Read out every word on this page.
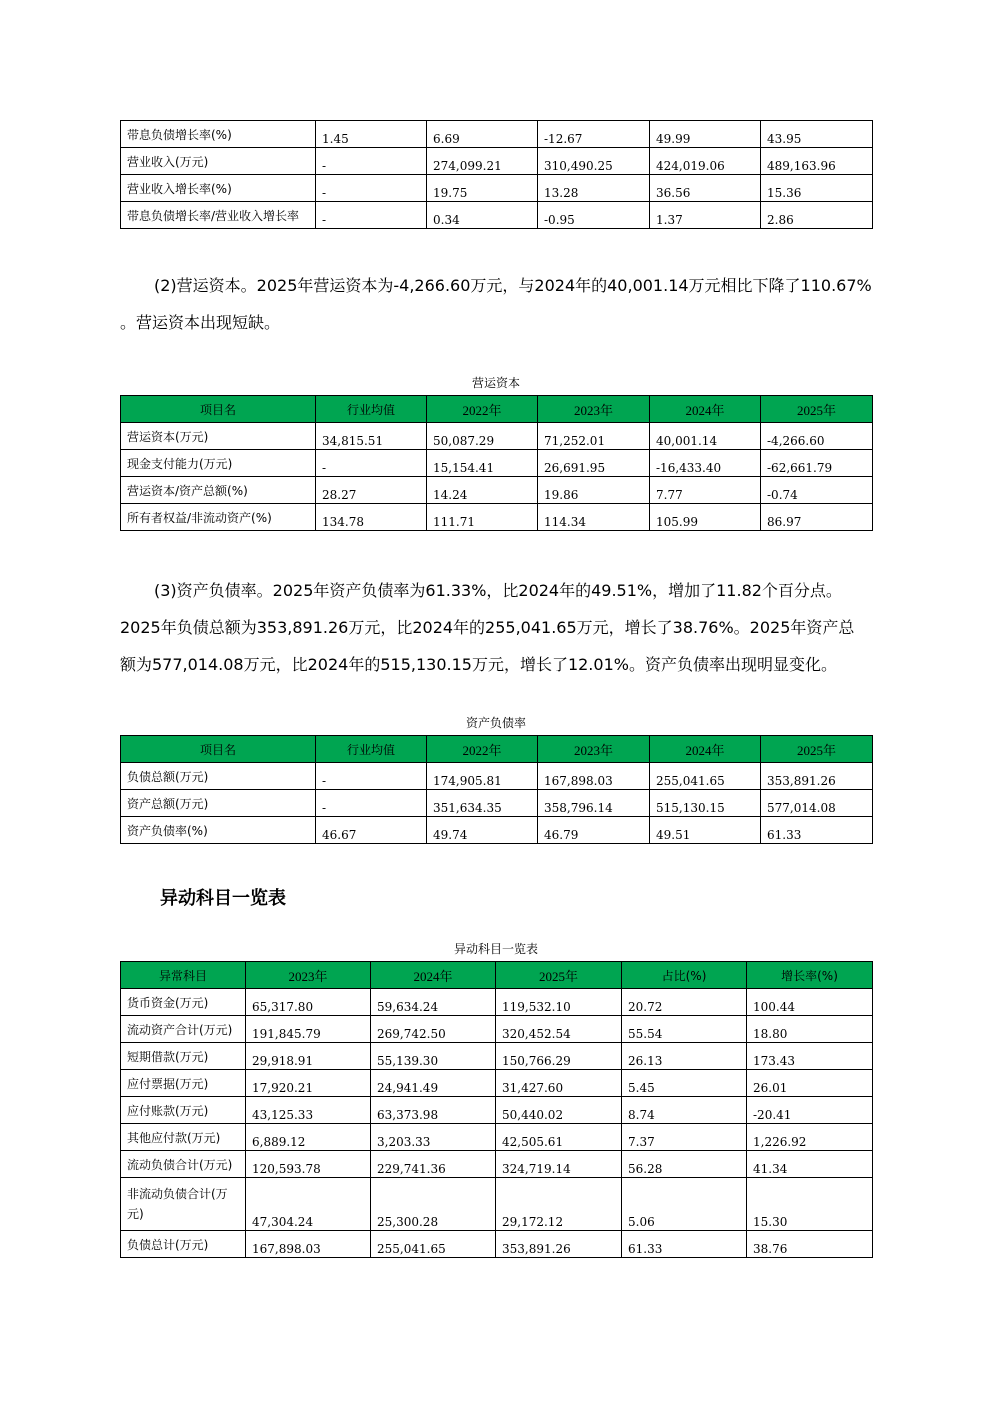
带息负债增长率(%)	1.45	6.69	-12.67	49.99	43.95
营业收入(万元)	-	274,099.21	310,490.25	424,019.06	489,163.96
营业收入增长率(%)	-	19.75	13.28	36.56	15.36
带息负债增长率/营业收入增长率	-	0.34	-0.95	1.37	2.86
(2)营运资本。2025年营运资本为-4,266.60万元，与2024年的40,001.14万元相比下降了110.67%
。营运资本出现短缺。
营运资本
项目名	行业均值	2022年	2023年	2024年	2025年
营运资本(万元)	34,815.51	50,087.29	71,252.01	40,001.14	-4,266.60
现金支付能力(万元)	-	15,154.41	26,691.95	-16,433.40	-62,661.79
营运资本/资产总额(%)	28.27	14.24	19.86	7.77	-0.74
所有者权益/非流动资产(%)	134.78	111.71	114.34	105.99	86.97
(3)资产负债率。2025年资产负债率为61.33%，比2024年的49.51%，增加了11.82个百分点。
2025年负债总额为353,891.26万元，比2024年的255,041.65万元，增长了38.76%。2025年资产总
额为577,014.08万元，比2024年的515,130.15万元，增长了12.01%。资产负债率出现明显变化。
资产负债率
项目名	行业均值	2022年	2023年	2024年	2025年
负债总额(万元)	-	174,905.81	167,898.03	255,041.65	353,891.26
资产总额(万元)	-	351,634.35	358,796.14	515,130.15	577,014.08
资产负债率(%)	46.67	49.74	46.79	49.51	61.33
异动科目一览表
异动科目一览表
异常科目	2023年	2024年	2025年	占比(%)	增长率(%)
货币资金(万元)	65,317.80	59,634.24	119,532.10	20.72	100.44
流动资产合计(万元)	191,845.79	269,742.50	320,452.54	55.54	18.80
短期借款(万元)	29,918.91	55,139.30	150,766.29	26.13	173.43
应付票据(万元)	17,920.21	24,941.49	31,427.60	5.45	26.01
应付账款(万元)	43,125.33	63,373.98	50,440.02	8.74	-20.41
其他应付款(万元)	6,889.12	3,203.33	42,505.61	7.37	1,226.92
流动负债合计(万元)	120,593.78	229,741.36	324,719.14	56.28	41.34
非流动负债合计(万元)	47,304.24	25,300.28	29,172.12	5.06	15.30
负债总计(万元)	167,898.03	255,041.65	353,891.26	61.33	38.76
